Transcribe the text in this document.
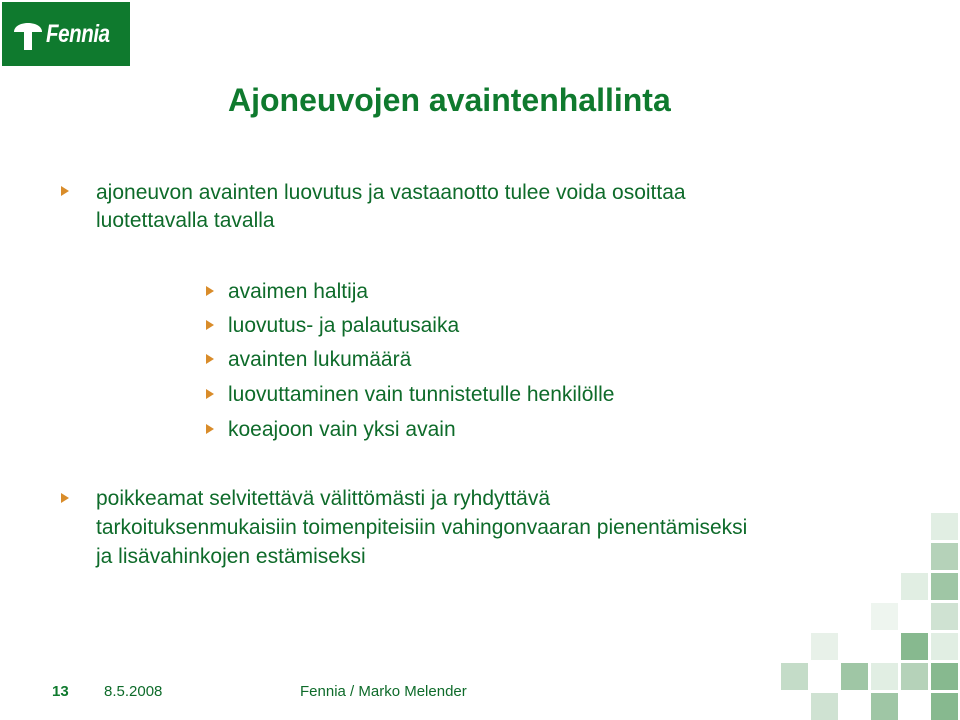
Fennia
Ajoneuvojen avaintenhallinta
ajoneuvon avainten luovutus ja vastaanotto tulee voida osoittaa
luotettavalla tavalla
avaimen haltija
luovutus- ja palautusaika
avainten lukumäärä
luovuttaminen vain tunnistetulle henkilölle
koeajoon vain yksi avain
poikkeamat selvitettävä välittömästi ja ryhdyttävä
tarkoituksenmukaisiin toimenpiteisiin vahingonvaaran pienentämiseksi
ja lisävahinkojen estämiseksi
13 8.5.2008	Fennia / Marko Melender
